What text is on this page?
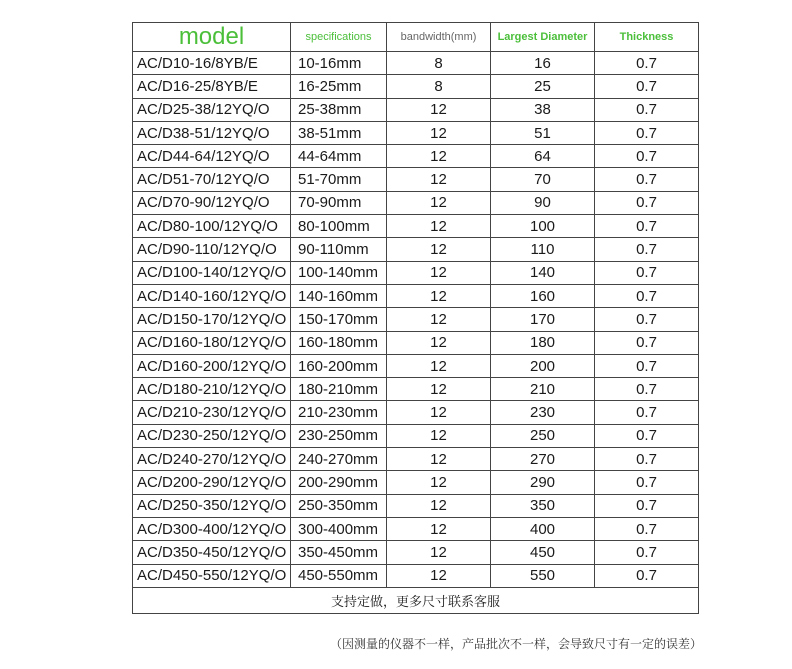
model	specifications	bandwidth(mm)	Largest Diameter	Thickness
AC/D10-16/8YB/E	10-16mm	8	16	0.7
AC/D16-25/8YB/E	16-25mm	8	25	0.7
AC/D25-38/12YQ/O	25-38mm	12	38	0.7
AC/D38-51/12YQ/O	38-51mm	12	51	0.7
AC/D44-64/12YQ/O	44-64mm	12	64	0.7
AC/D51-70/12YQ/O	51-70mm	12	70	0.7
AC/D70-90/12YQ/O	70-90mm	12	90	0.7
AC/D80-100/12YQ/O	80-100mm	12	100	0.7
AC/D90-110/12YQ/O	90-110mm	12	110	0.7
AC/D100-140/12YQ/O	100-140mm	12	140	0.7
AC/D140-160/12YQ/O	140-160mm	12	160	0.7
AC/D150-170/12YQ/O	150-170mm	12	170	0.7
AC/D160-180/12YQ/O	160-180mm	12	180	0.7
AC/D160-200/12YQ/O	160-200mm	12	200	0.7
AC/D180-210/12YQ/O	180-210mm	12	210	0.7
AC/D210-230/12YQ/O	210-230mm	12	230	0.7
AC/D230-250/12YQ/O	230-250mm	12	250	0.7
AC/D240-270/12YQ/O	240-270mm	12	270	0.7
AC/D200-290/12YQ/O	200-290mm	12	290	0.7
AC/D250-350/12YQ/O	250-350mm	12	350	0.7
AC/D300-400/12YQ/O	300-400mm	12	400	0.7
AC/D350-450/12YQ/O	350-450mm	12	450	0.7
AC/D450-550/12YQ/O	450-550mm	12	550	0.7
支持定做，更多尺寸联系客服				
（因测量的仪器不一样，产品批次不一样，会导致尺寸有一定的误差）
